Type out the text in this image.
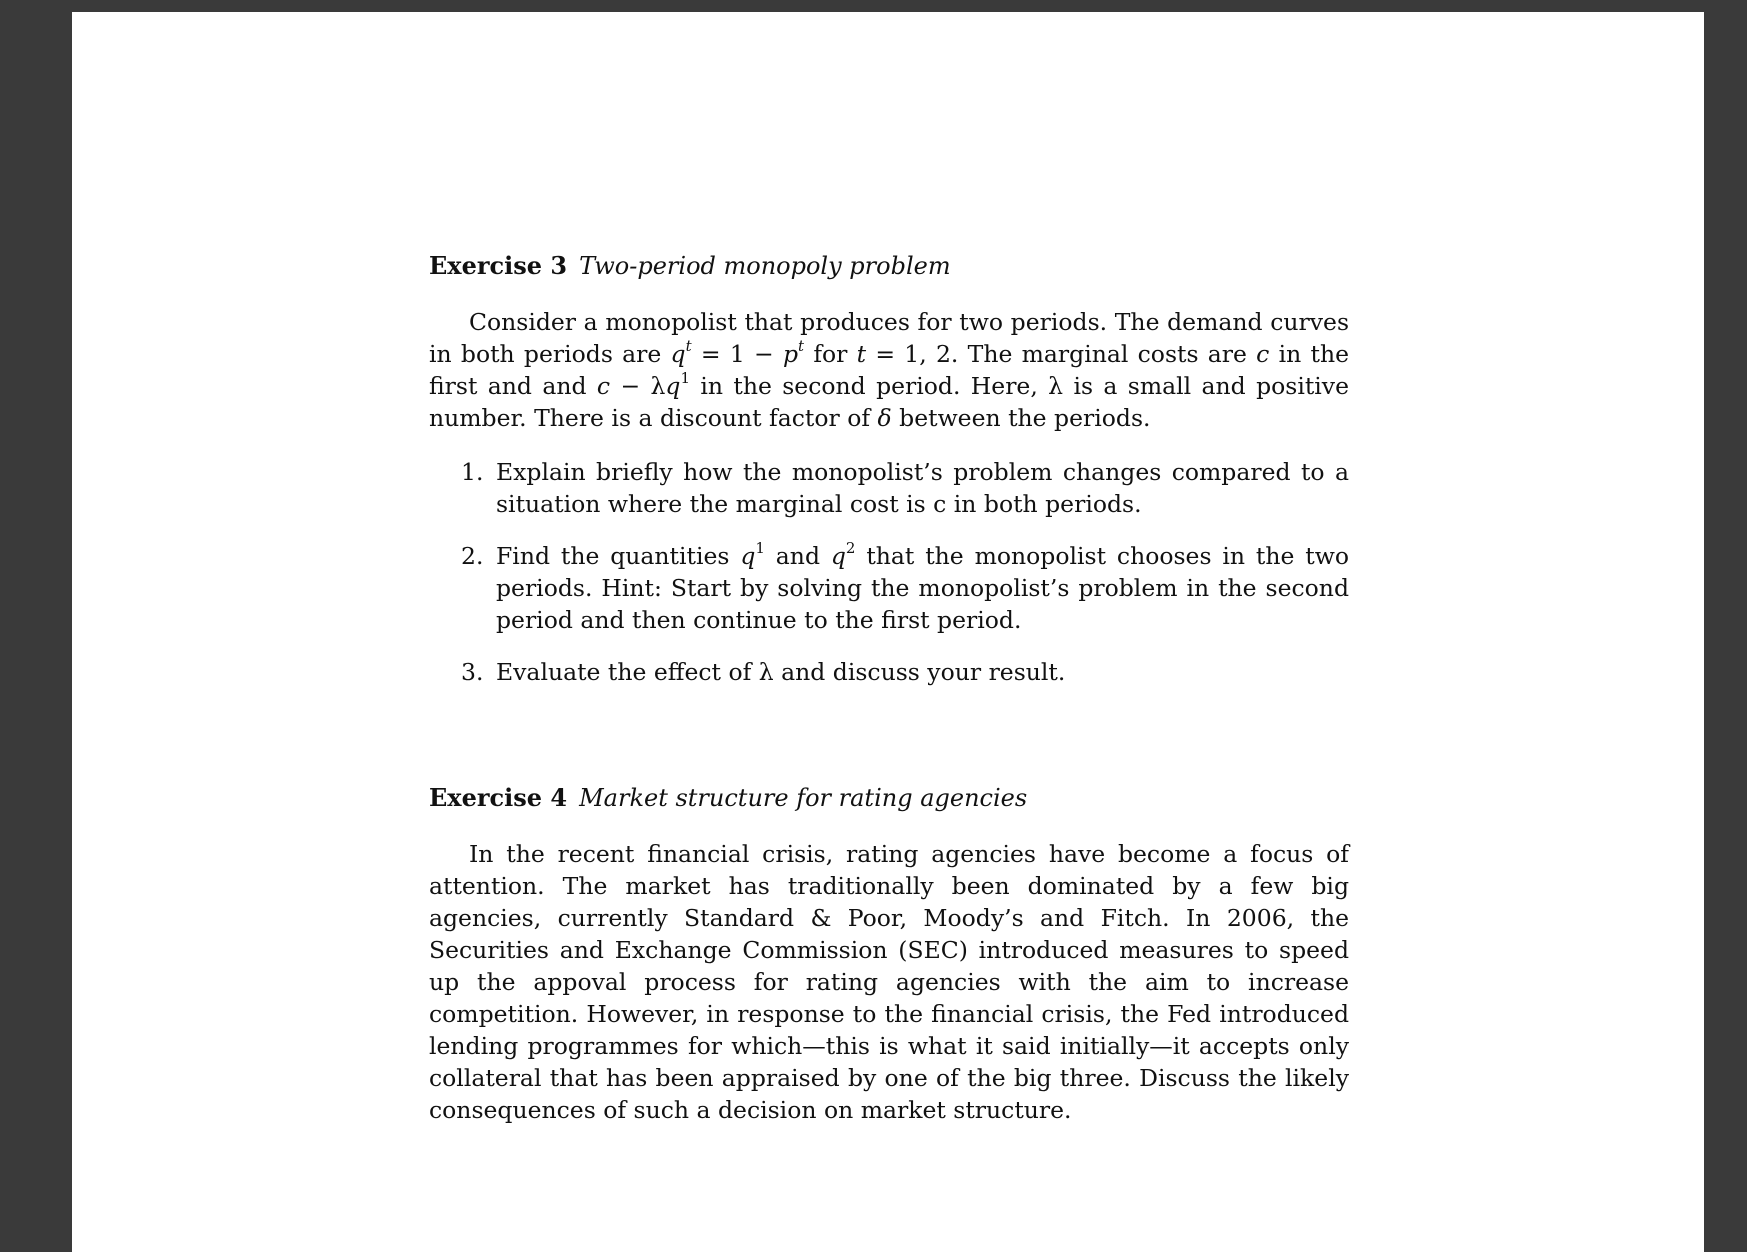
Exercise 3 Two-period monopoly problem

Consider a monopolist that produces for two periods. The demand curves in both periods are $q^t = 1 - p^t$ for t = 1, 2. The marginal costs are c in the first and and $c - \lambda q^1$ in the second period. Here, λ is a small and positive number. There is a discount factor of δ between the periods.

1. Explain briefly how the monopolist’s problem changes compared to a situation where the marginal cost is c in both periods.
2. Find the quantities $q^1$ and $q^2$ that the monopolist chooses in the two periods. Hint: Start by solving the monopolist’s problem in the second period and then continue to the first period.
3. Evaluate the effect of λ and discuss your result.
Exercise 4 Market structure for rating agencies

In the recent financial crisis, rating agencies have become a focus of attention. The market has traditionally been dominated by a few big agencies, currently Standard & Poor, Moody’s and Fitch. In 2006, the Securities and Exchange Commission (SEC) introduced measures to speed up the appoval process for rating agencies with the aim to increase competition. However, in response to the financial crisis, the Fed introduced lending programmes for which—this is what it said initially—it accepts only collateral that has been appraised by one of the big three. Discuss the likely consequences of such a decision on market structure.
